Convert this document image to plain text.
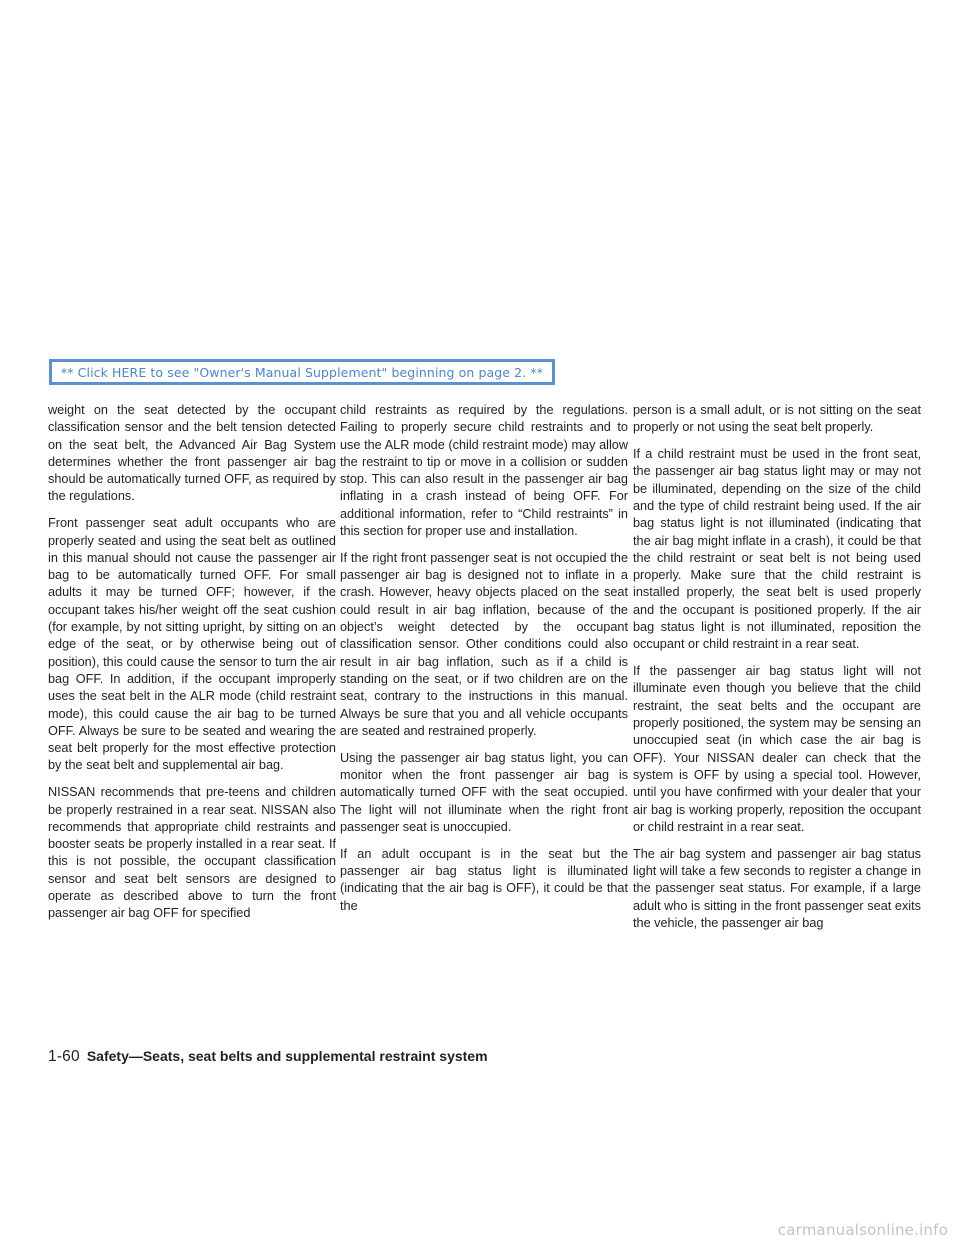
** Click HERE to see "Owner's Manual Supplement" beginning on page 2. **

weight on the seat detected by the occupant classification sensor and the belt tension detected on the seat belt, the Advanced Air Bag System determines whether the front passenger air bag should be automatically turned OFF, as required by the regulations.

Front passenger seat adult occupants who are properly seated and using the seat belt as outlined in this manual should not cause the passenger air bag to be automatically turned OFF. For small adults it may be turned OFF; however, if the occupant takes his/her weight off the seat cushion (for example, by not sitting upright, by sitting on an edge of the seat, or by otherwise being out of position), this could cause the sensor to turn the air bag OFF. In addition, if the occupant improperly uses the seat belt in the ALR mode (child restraint mode), this could cause the air bag to be turned OFF. Always be sure to be seated and wearing the seat belt properly for the most effective protection by the seat belt and supplemental air bag.

NISSAN recommends that pre-teens and children be properly restrained in a rear seat. NISSAN also recommends that appropriate child restraints and booster seats be properly installed in a rear seat. If this is not possible, the occupant classification sensor and seat belt sensors are designed to operate as described above to turn the front passenger air bag OFF for specified

child restraints as required by the regulations. Failing to properly secure child restraints and to use the ALR mode (child restraint mode) may allow the restraint to tip or move in a collision or sudden stop. This can also result in the passenger air bag inflating in a crash instead of being OFF. For additional information, refer to “Child restraints” in this section for proper use and installation.

If the right front passenger seat is not occupied the passenger air bag is designed not to inflate in a crash. However, heavy objects placed on the seat could result in air bag inflation, because of the object’s weight detected by the occupant classification sensor. Other conditions could also result in air bag inflation, such as if a child is standing on the seat, or if two children are on the seat, contrary to the instructions in this manual. Always be sure that you and all vehicle occupants are seated and restrained properly.

Using the passenger air bag status light, you can monitor when the front passenger air bag is automatically turned OFF with the seat occupied. The light will not illuminate when the right front passenger seat is unoccupied.

If an adult occupant is in the seat but the passenger air bag status light is illuminated (indicating that the air bag is OFF), it could be that the

person is a small adult, or is not sitting on the seat properly or not using the seat belt properly.

If a child restraint must be used in the front seat, the passenger air bag status light may or may not be illuminated, depending on the size of the child and the type of child restraint being used. If the air bag status light is not illuminated (indicating that the air bag might inflate in a crash), it could be that the child restraint or seat belt is not being used properly. Make sure that the child restraint is installed properly, the seat belt is used properly and the occupant is positioned properly. If the air bag status light is not illuminated, reposition the occupant or child restraint in a rear seat.

If the passenger air bag status light will not illuminate even though you believe that the child restraint, the seat belts and the occupant are properly positioned, the system may be sensing an unoccupied seat (in which case the air bag is OFF). Your NISSAN dealer can check that the system is OFF by using a special tool. However, until you have confirmed with your dealer that your air bag is working properly, reposition the occupant or child restraint in a rear seat.

The air bag system and passenger air bag status light will take a few seconds to register a change in the passenger seat status. For example, if a large adult who is sitting in the front passenger seat exits the vehicle, the passenger air bag

1-60 Safety—Seats, seat belts and supplemental restraint system
carmanualsonline.info
